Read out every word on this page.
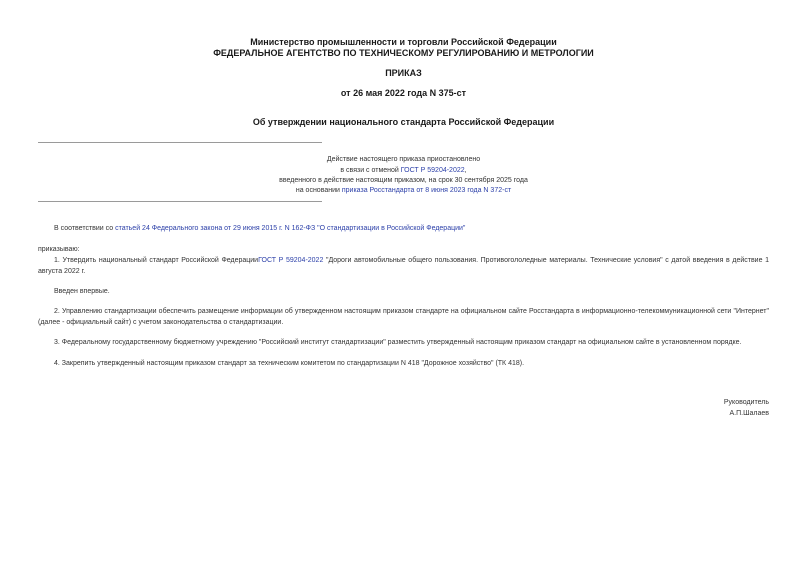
Министерство промышленности и торговли Российской Федерации
ФЕДЕРАЛЬНОЕ АГЕНТСТВО ПО ТЕХНИЧЕСКОМУ РЕГУЛИРОВАНИЮ И МЕТРОЛОГИИ
ПРИКАЗ
от 26 мая 2022 года N 375-ст
Об утверждении национального стандарта Российской Федерации
Действие настоящего приказа приостановлено
в связи с отменой ГОСТ Р 59204-2022,
введенного в действие настоящим приказом, на срок 30 сентября 2025 года
на основании приказа Росстандарта от 8 июня 2023 года N 372-ст
В соответствии со статьей 24 Федерального закона от 29 июня 2015 г. N 162-ФЗ "О стандартизации в Российской Федерации"
приказываю:
1. Утвердить национальный стандарт Российской ФедерацииГОСТ Р 59204-2022 "Дороги автомобильные общего пользования. Противогололедные материалы. Технические условия" с датой введения в действие 1 августа 2022 г.
Введен впервые.
2. Управлению стандартизации обеспечить размещение информации об утвержденном настоящим приказом стандарте на официальном сайте Росстандарта в информационно-телекоммуникационной сети "Интернет" (далее - официальный сайт) с учетом законодательства о стандартизации.
3. Федеральному государственному бюджетному учреждению "Российский институт стандартизации" разместить утвержденный настоящим приказом стандарт на официальном сайте в установленном порядке.
4. Закрепить утвержденный настоящим приказом стандарт за техническим комитетом по стандартизации N 418 "Дорожное хозяйство" (ТК 418).
Руководитель
А.П.Шалаев
